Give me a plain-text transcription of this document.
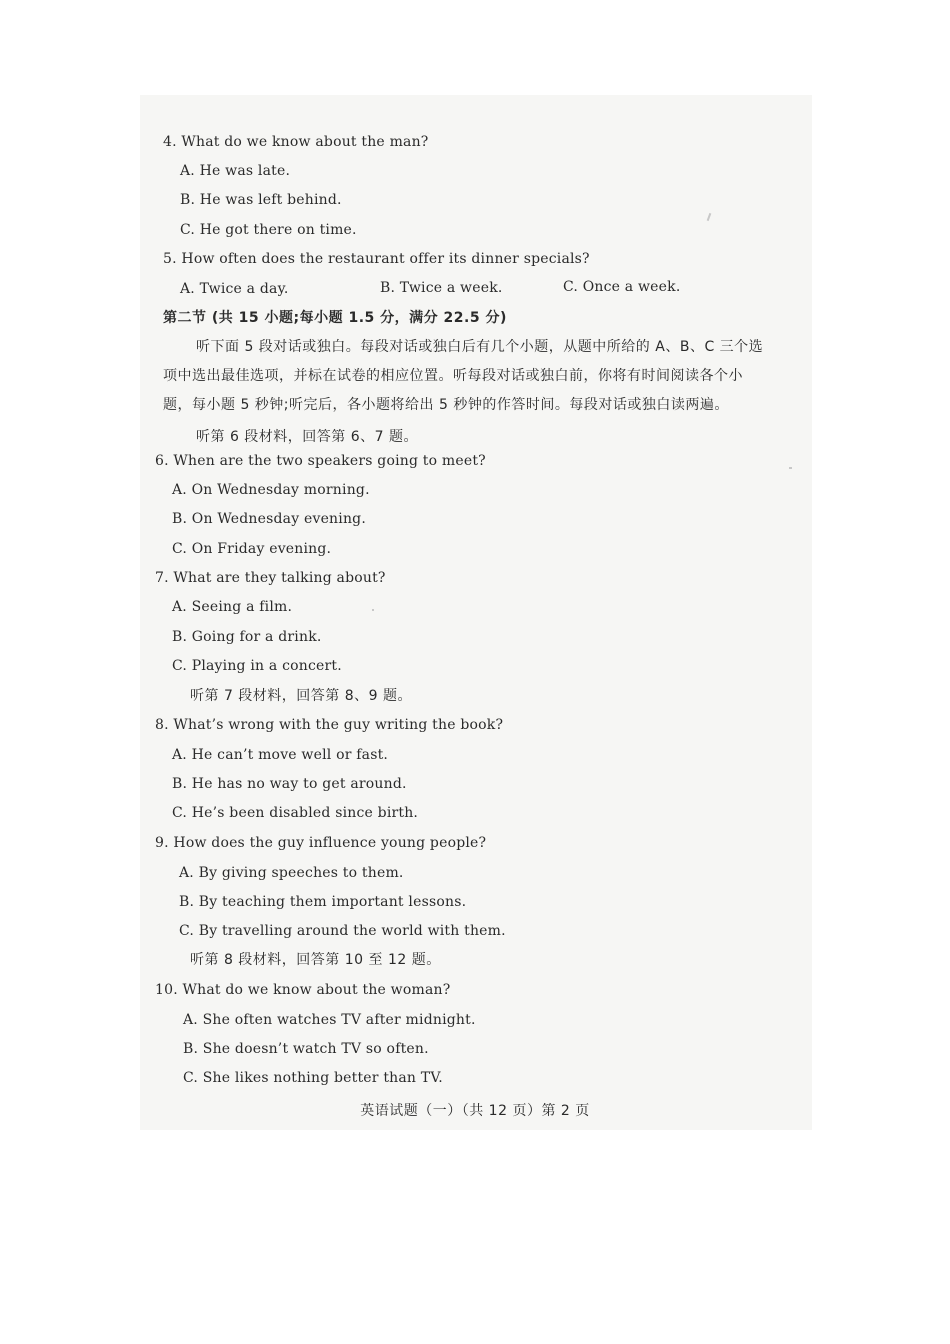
4. What do we know about the man?
A. He was late.
B. He was left behind.
C. He got there on time.
5. How often does the restaurant offer its dinner specials?
A. Twice a day.	B. Twice a week.	C. Once a week.
第二节 (共 15 小题;每小题 1.5 分，满分 22.5 分)
听下面 5 段对话或独白。每段对话或独白后有几个小题，从题中所给的 A、B、C 三个选
项中选出最佳选项，并标在试卷的相应位置。听每段对话或独白前，你将有时间阅读各个小
题，每小题 5 秒钟;听完后，各小题将给出 5 秒钟的作答时间。每段对话或独白读两遍。
听第 6 段材料，回答第 6、7 题。
6. When are the two speakers going to meet?
A. On Wednesday morning.
B. On Wednesday evening.
C. On Friday evening.
7. What are they talking about?
A. Seeing a film.
B. Going for a drink.
C. Playing in a concert.
听第 7 段材料，回答第 8、9 题。
8. What’s wrong with the guy writing the book?
A. He can’t move well or fast.
B. He has no way to get around.
C. He’s been disabled since birth.
9. How does the guy influence young people?
A. By giving speeches to them.
B. By teaching them important lessons.
C. By travelling around the world with them.
听第 8 段材料，回答第 10 至 12 题。
10. What do we know about the woman?
A. She often watches TV after midnight.
B. She doesn’t watch TV so often.
C. She likes nothing better than TV.
英语试题（一）（共 12 页）第 2 页
